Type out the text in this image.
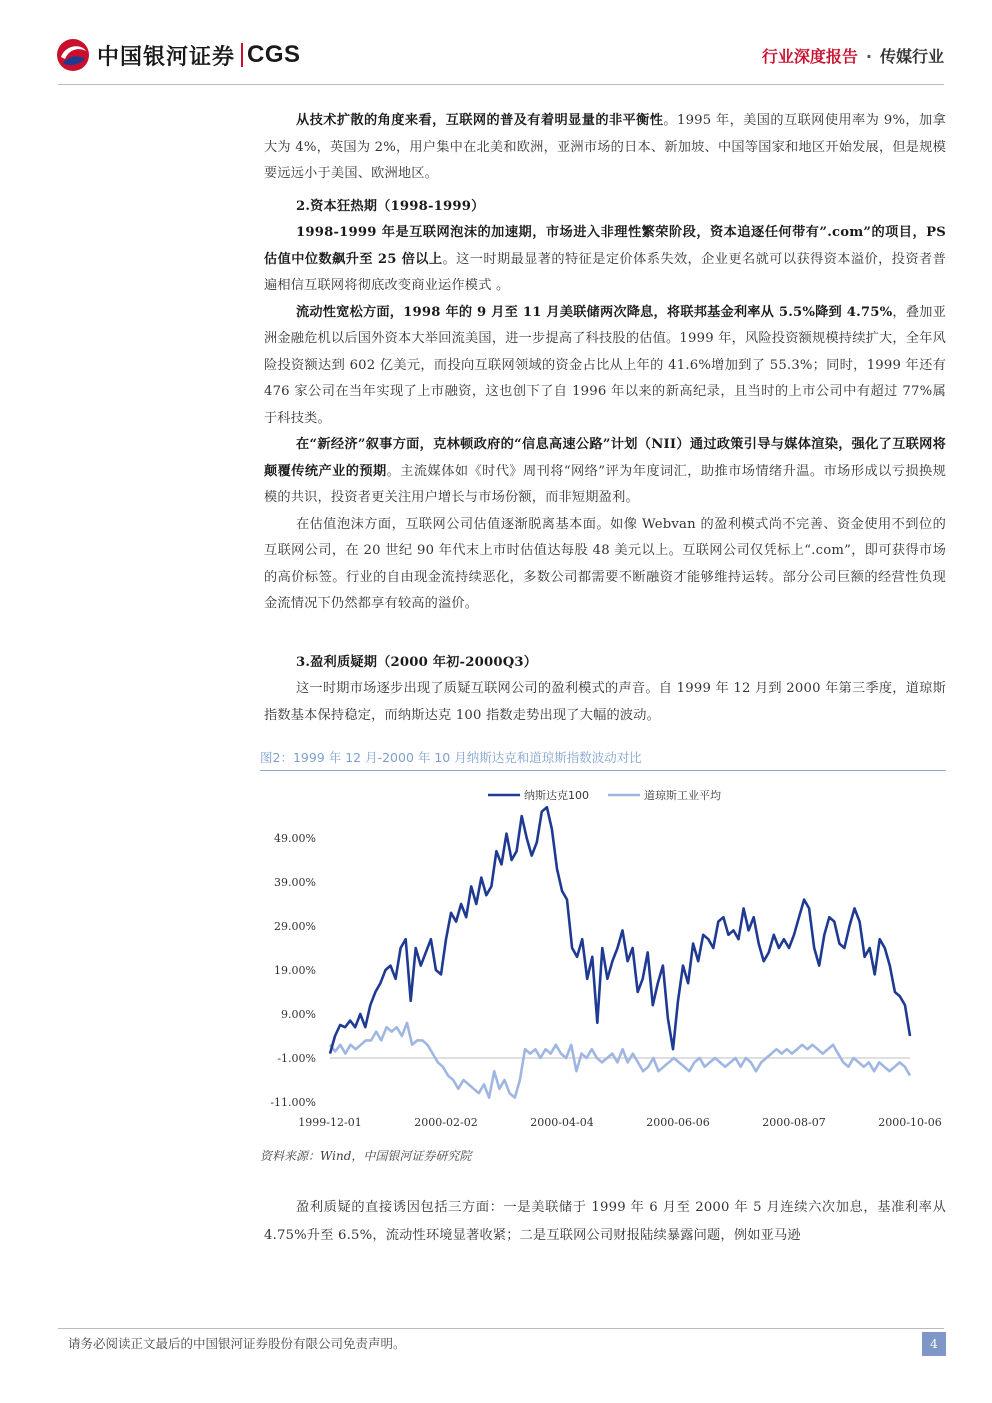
中国银河证券 CGS	行业深度报告 · 传媒行业

从技术扩散的角度来看，互联网的普及有着明显量的非平衡性。1995 年，美国的互联网使用率为 9%，加拿大为 4%，英国为 2%，用户集中在北美和欧洲，亚洲市场的日本、新加坡、中国等国家和地区开始发展，但是规模要远远小于美国、欧洲地区。

2.资本狂热期（1998-1999）

1998-1999 年是互联网泡沫的加速期，市场进入非理性繁荣阶段，资本追逐任何带有”.com”的项目，PS 估值中位数飙升至 25 倍以上。这一时期最显著的特征是定价体系失效，企业更名就可以获得资本溢价，投资者普遍相信互联网将彻底改变商业运作模式 。

流动性宽松方面，1998 年的 9 月至 11 月美联储两次降息，将联邦基金利率从 5.5%降到 4.75%，叠加亚洲金融危机以后国外资本大举回流美国，进一步提高了科技股的估值。1999 年，风险投资额规模持续扩大，全年风险投资额达到 602 亿美元，而投向互联网领域的资金占比从上年的 41.6%增加到了 55.3%；同时，1999 年还有 476 家公司在当年实现了上市融资，这也创下了自 1996 年以来的新高纪录，且当时的上市公司中有超过 77%属于科技类。

在“新经济”叙事方面，克林顿政府的“信息高速公路”计划（NII）通过政策引导与媒体渲染，强化了互联网将颠覆传统产业的预期。主流媒体如《时代》周刊将“网络”评为年度词汇，助推市场情绪升温。市场形成以亏损换规模的共识，投资者更关注用户增长与市场份额，而非短期盈利。

在估值泡沫方面，互联网公司估值逐渐脱离基本面。如像 Webvan 的盈利模式尚不完善、资金使用不到位的互联网公司，在 20 世纪 90 年代末上市时估值达每股 48 美元以上。互联网公司仅凭标上“.com”，即可获得市场的高价标签。行业的自由现金流持续恶化，多数公司都需要不断融资才能够维持运转。部分公司巨额的经营性负现金流情况下仍然都享有较高的溢价。

3.盈利质疑期（2000 年初-2000Q3）

这一时期市场逐步出现了质疑互联网公司的盈利模式的声音。自 1999 年 12 月到 2000 年第三季度，道琼斯指数基本保持稳定，而纳斯达克 100 指数走势出现了大幅的波动。

图2：1999 年 12 月-2000 年 10 月纳斯达克和道琼斯指数波动对比
49.00%
39.00%
29.00%
19.00%
9.00%
-1.00%
-11.00%
1999-12-01	2000-02-02	2000-04-04	2000-06-06	2000-08-07	2000-10-06
纳斯达克100	道琼斯工业平均
资料来源：Wind，中国银河证券研究院

盈利质疑的直接诱因包括三方面：一是美联储于 1999 年 6 月至 2000 年 5 月连续六次加息，基准利率从 4.75%升至 6.5%，流动性环境显著收紧；二是互联网公司财报陆续暴露问题，例如亚马逊

请务必阅读正文最后的中国银河证券股份有限公司免责声明。	4
